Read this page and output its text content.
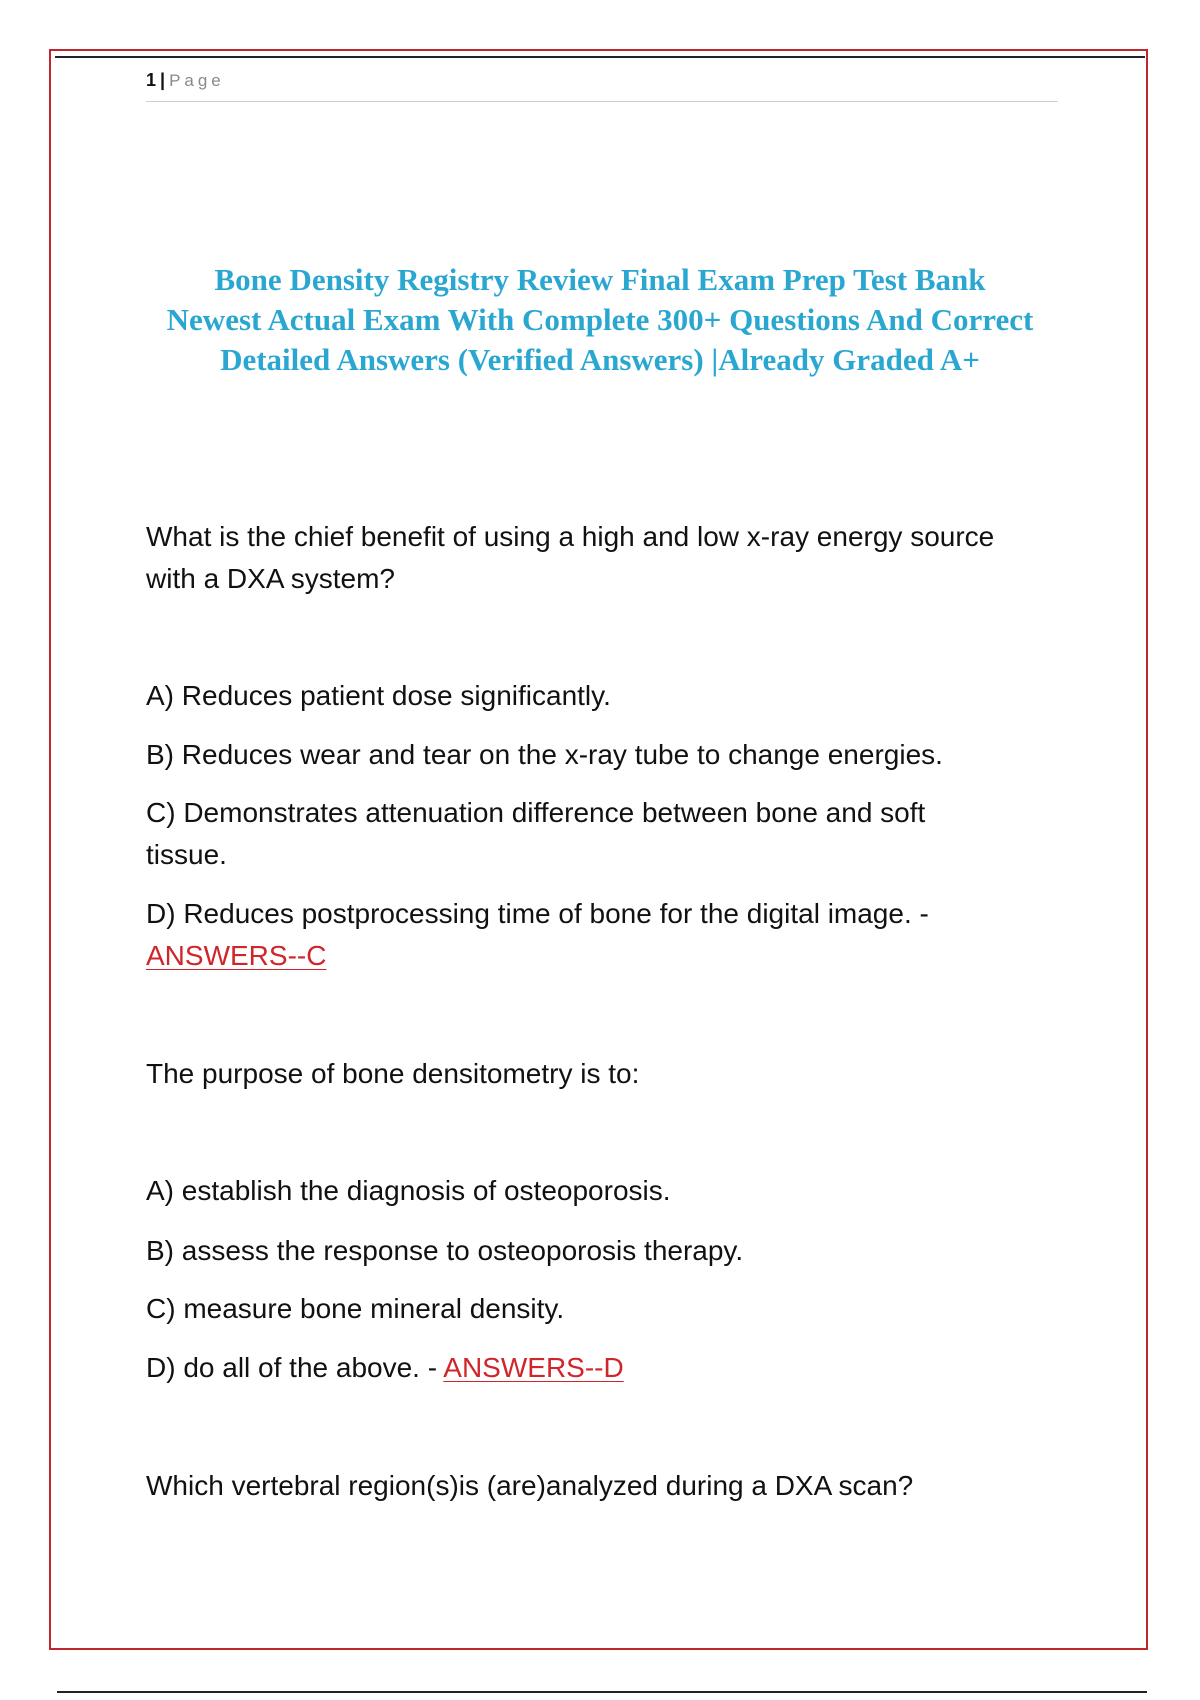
1 | Page
Bone Density Registry Review Final Exam Prep Test Bank
Newest Actual Exam With Complete 300+ Questions And Correct
Detailed Answers (Verified Answers) |Already Graded A+
What is the chief benefit of using a high and low x-ray energy source
with a DXA system?
A) Reduces patient dose significantly.
B) Reduces wear and tear on the x-ray tube to change energies.
C) Demonstrates attenuation difference between bone and soft
tissue.
D) Reduces postprocessing time of bone for the digital image. -
ANSWERS--C
The purpose of bone densitometry is to:
A) establish the diagnosis of osteoporosis.
B) assess the response to osteoporosis therapy.
C) measure bone mineral density.
D) do all of the above. - ANSWERS--D
Which vertebral region(s)is (are)analyzed during a DXA scan?
